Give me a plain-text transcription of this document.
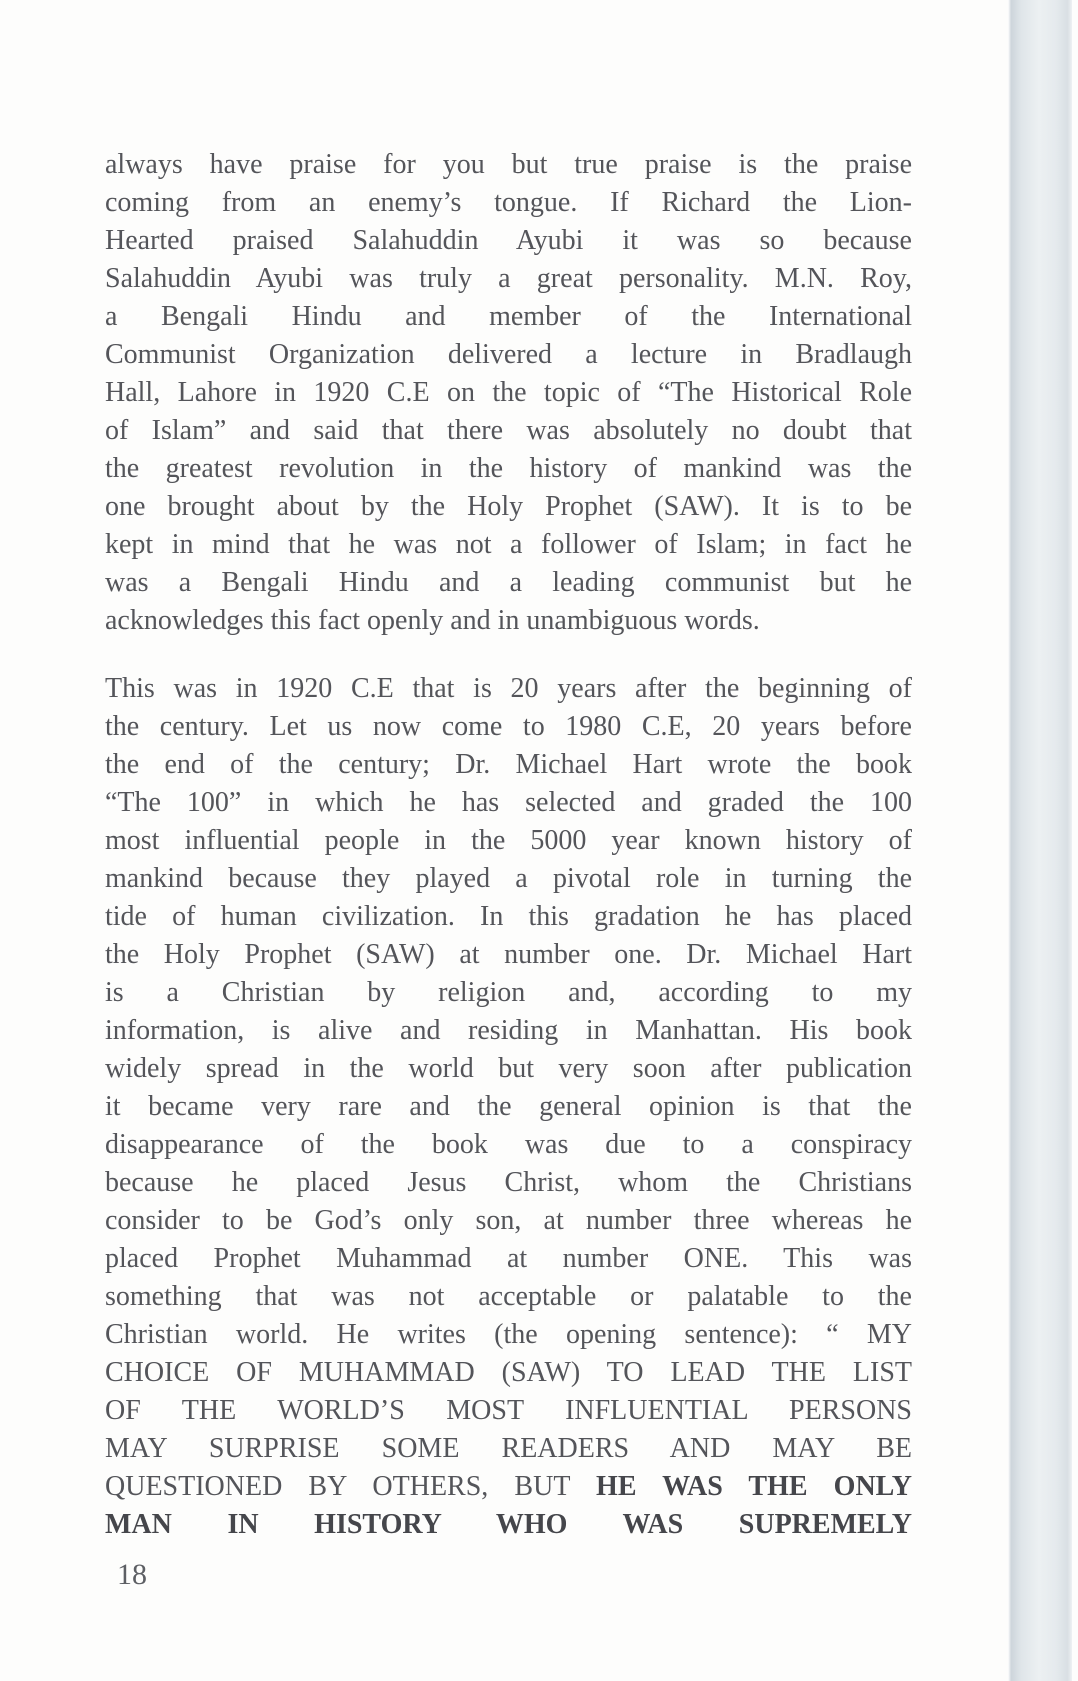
always have praise for you but true praise is the praise
coming from an enemy’s tongue. If Richard the Lion-
Hearted praised Salahuddin Ayubi it was so because
Salahuddin Ayubi was truly a great personality. M.N. Roy,
a Bengali Hindu and member of the International
Communist Organization delivered a lecture in Bradlaugh
Hall, Lahore in 1920 C.E on the topic of “The Historical Role
of Islam” and said that there was absolutely no doubt that
the greatest revolution in the history of mankind was the
one brought about by the Holy Prophet (SAW). It is to be
kept in mind that he was not a follower of Islam; in fact he
was a Bengali Hindu and a leading communist but he
acknowledges this fact openly and in unambiguous words.
This was in 1920 C.E that is 20 years after the beginning of
the century. Let us now come to 1980 C.E, 20 years before
the end of the century; Dr. Michael Hart wrote the book
“The 100” in which he has selected and graded the 100
most influential people in the 5000 year known history of
mankind because they played a pivotal role in turning the
tide of human civilization. In this gradation he has placed
the Holy Prophet (SAW) at number one. Dr. Michael Hart
is a Christian by religion and, according to my
information, is alive and residing in Manhattan. His book
widely spread in the world but very soon after publication
it became very rare and the general opinion is that the
disappearance of the book was due to a conspiracy
because he placed Jesus Christ, whom the Christians
consider to be God’s only son, at number three whereas he
placed Prophet Muhammad at number ONE. This was
something that was not acceptable or palatable to the
Christian world. He writes (the opening sentence): “ MY
CHOICE OF MUHAMMAD (SAW) TO LEAD THE LIST
OF THE WORLD’S MOST INFLUENTIAL PERSONS
MAY SURPRISE SOME READERS AND MAY BE
QUESTIONED BY OTHERS, BUT HE WAS THE ONLY
MAN IN HISTORY WHO WAS SUPREMELY
18
